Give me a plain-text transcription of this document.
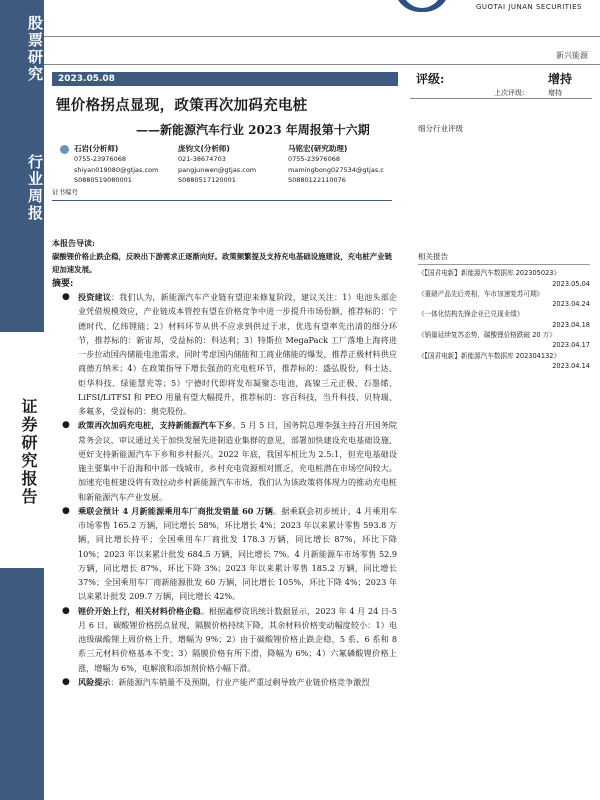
股票研究
行业周报
证券研究报告
GUOTAI JUNAN SECURITIES
新兴能源
2023.05.08
锂价格拐点显现，政策再次加码充电桩
——新能源汽车行业 2023 年周报第十六期
石岩(分析师)
0755-23976068
shiyan019080@gtjas.com
S0880519080001
庞钧文(分析师)
021-38674703
pangjunwen@gtjas.com
S0880517120001
马铭宏(研究助理)
0755-23976068
mamingbong027534@gtjas.c
S0880122110076
证书编号
评级:	增持
上次评级:	增持
细分行业评级
相关报告
《【国君电新】新能源汽车数据库 202305023》
2023.05.04
《重磅产品先后亮相，车市加速复苏可期》
2023.04.24
《一体化结构先锋企业已兑现业绩》
2023.04.18
《销量延续复苏态势，碳酸锂价格跌破 20 万》
2023.04.17
《【国君电新】新能源汽车数据库 202304132》
2023.04.14
本报告导读:
碳酸锂价格止跌企稳，反映出下游需求正逐渐向好。政策频繁提及支持充电基础设施建设，充电桩产业链迎加速发展。
摘要:
● 投资建议：我们认为，新能源汽车产业链有望迎来修复阶段，建议关注：1）电池头部企业凭借规模效应，产业链成本管控有望在价格竞争中进一步提升市场份额，推荐标的：宁德时代、亿纬锂能；2）材料环节从供不应求到供过于求，优选有望率先出清的细分环节，推荐标的：新宙邦，受益标的：科达利；3）特斯拉 MegaPack 工厂落地上海将进一步拉动国内储能电池需求，同时考虑国内储能和工商业储能的爆发，推荐正极材料供应商德方纳米；4）在政策指导下增长强劲的充电桩环节，推荐标的：盛弘股份，科士达、炬华科技、绿能慧充等；5）宁德时代即将发布凝聚态电池，高镍三元正极、石墨烯、LiFSI/LiTFSI 和 PEO 用量有望大幅提升，推荐标的：容百科技，当升科技、贝特瑞、多氟多，受益标的：奥克股份。
● 政策再次加码充电桩，支持新能源汽车下乡。5 月 5 日，国务院总理李强主持召开国务院常务会议，审议通过关于加快发展先进制造业集群的意见，部署加快建设充电基础设施，更好支持新能源汽车下乡和乡村振兴。2022 年底，我国车桩比为 2.5:1，但充电基础设施主要集中于沿海和中部一线城市，乡村充电资源相对匮乏，充电桩潜在市场空间较大。加速充电桩建设将有效拉动乡村新能源汽车市场，我们认为该政策将体现力的推动充电桩和新能源汽车产业发展。
● 乘联会预计 4 月新能源乘用车厂商批发销量 60 万辆。据乘联会初步统计，4 月乘用车市场零售 165.2 万辆，同比增长 58%，环比增长 4%；2023 年以来累计零售 593.8 万辆，同比增长持平；全国乘用车厂商批发 178.3 万辆，同比增长 87%，环比下降 10%；2023 年以来累计批发 684.5 万辆，同比增长 7%。4 月新能源车市场零售 52.9 万辆，同比增长 87%，环比下降 3%；2023 年以来累计零售 185.2 万辆，同比增长 37%；全国乘用车厂商新能源批发 60 万辆，同比增长 105%，环比下降 4%；2023 年以来累计批发 209.7 万辆，同比增长 42%。
● 锂价开始上行，相关材料价格企稳。根据鑫椤资讯统计数据显示，2023 年 4 月 24 日-5 月 6 日，碳酸锂价格拐点显现，隔膜价格持续下降，其余材料价格变动幅度较小：1）电池级碳酸锂上周价格上升，增幅为 9%；2）由于碳酸锂价格止跌企稳，5 系、6 系和 8 系三元材料价格基本不变；3）隔膜价格有所下滑，降幅为 6%；4）六氟磷酸锂价格上涨，增幅为 6%，电解液和添加剂价格小幅下滑。
● 风险提示：新能源汽车销量不及预期，行业产能严重过剩导致产业链价格竞争激烈
